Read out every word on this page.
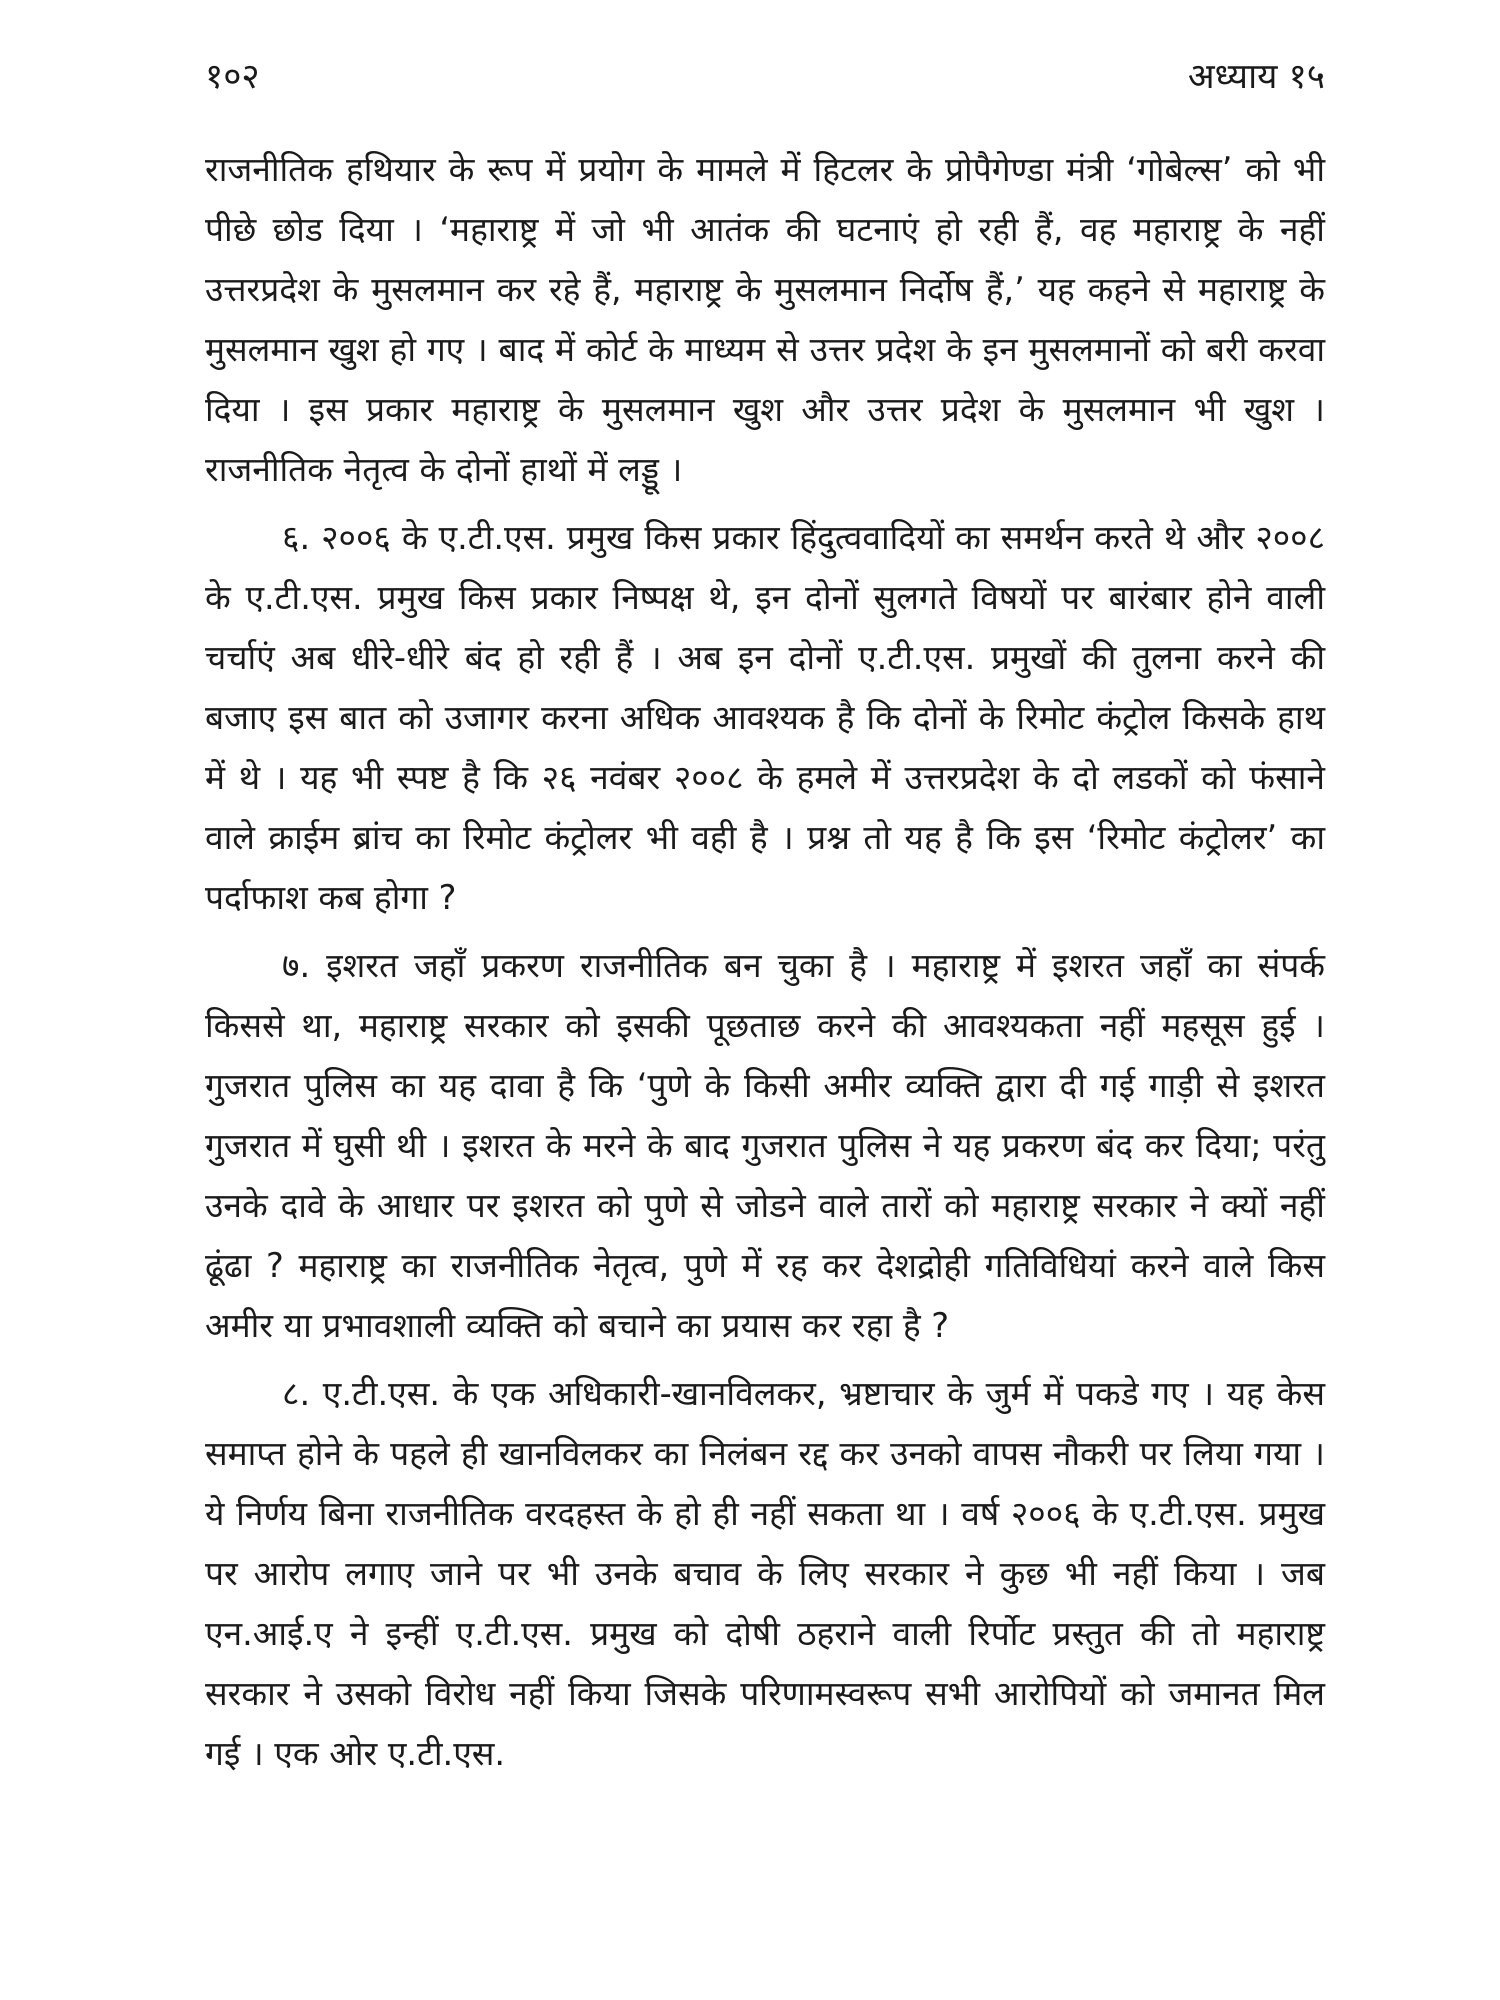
१०२	अध्याय १५

राजनीतिक हथियार के रूप में प्रयोग के मामले में हिटलर के प्रोपैगेण्डा मंत्री ‘गोबेल्स’ को भी पीछे छोड दिया । ‘महाराष्ट्र में जो भी आतंक की घटनाएं हो रही हैं, वह महाराष्ट्र के नहीं उत्तरप्रदेश के मुसलमान कर रहे हैं, महाराष्ट्र के मुसलमान निर्दोष हैं,’ यह कहने से महाराष्ट्र के मुसलमान खुश हो गए । बाद में कोर्ट के माध्यम से उत्तर प्रदेश के इन मुसलमानों को बरी करवा दिया । इस प्रकार महाराष्ट्र के मुसलमान खुश और उत्तर प्रदेश के मुसलमान भी खुश । राजनीतिक नेतृत्व के दोनों हाथों में लड्डू ।

६. २००६ के ए.टी.एस. प्रमुख किस प्रकार हिंदुत्ववादियों का समर्थन करते थे और २००८ के ए.टी.एस. प्रमुख किस प्रकार निष्पक्ष थे, इन दोनों सुलगते विषयों पर बारंबार होने वाली चर्चाएं अब धीरे-धीरे बंद हो रही हैं । अब इन दोनों ए.टी.एस. प्रमुखों की तुलना करने की बजाए इस बात को उजागर करना अधिक आवश्यक है कि दोनों के रिमोट कंट्रोल किसके हाथ में थे । यह भी स्पष्ट है कि २६ नवंबर २००८ के हमले में उत्तरप्रदेश के दो लडकों को फंसाने वाले क्राईम ब्रांच का रिमोट कंट्रोलर भी वही है । प्रश्न तो यह है कि इस ‘रिमोट कंट्रोलर’ का पर्दाफाश कब होगा ?

७. इशरत जहाँ प्रकरण राजनीतिक बन चुका है । महाराष्ट्र में इशरत जहाँ का संपर्क किससे था, महाराष्ट्र सरकार को इसकी पूछताछ करने की आवश्यकता नहीं महसूस हुई । गुजरात पुलिस का यह दावा है कि ‘पुणे के किसी अमीर व्यक्ति द्वारा दी गई गाड़ी से इशरत गुजरात में घुसी थी । इशरत के मरने के बाद गुजरात पुलिस ने यह प्रकरण बंद कर दिया; परंतु उनके दावे के आधार पर इशरत को पुणे से जोडने वाले तारों को महाराष्ट्र सरकार ने क्यों नहीं ढूंढा ? महाराष्ट्र का राजनीतिक नेतृत्व, पुणे में रह कर देशद्रोही गतिविधियां करने वाले किस अमीर या प्रभावशाली व्यक्ति को बचाने का प्रयास कर रहा है ?

८. ए.टी.एस. के एक अधिकारी-खानविलकर, भ्रष्टाचार के जुर्म में पकडे गए । यह केस समाप्त होने के पहले ही खानविलकर का निलंबन रद्द कर उनको वापस नौकरी पर लिया गया । ये निर्णय बिना राजनीतिक वरदहस्त के हो ही नहीं सकता था । वर्ष २००६ के ए.टी.एस. प्रमुख पर आरोप लगाए जाने पर भी उनके बचाव के लिए सरकार ने कुछ भी नहीं किया । जब एन.आई.ए ने इन्हीं ए.टी.एस. प्रमुख को दोषी ठहराने वाली रिर्पोट प्रस्तुत की तो महाराष्ट्र सरकार ने उसको विरोध नहीं किया जिसके परिणामस्वरूप सभी आरोपियों को जमानत मिल गई । एक ओर ए.टी.एस.
